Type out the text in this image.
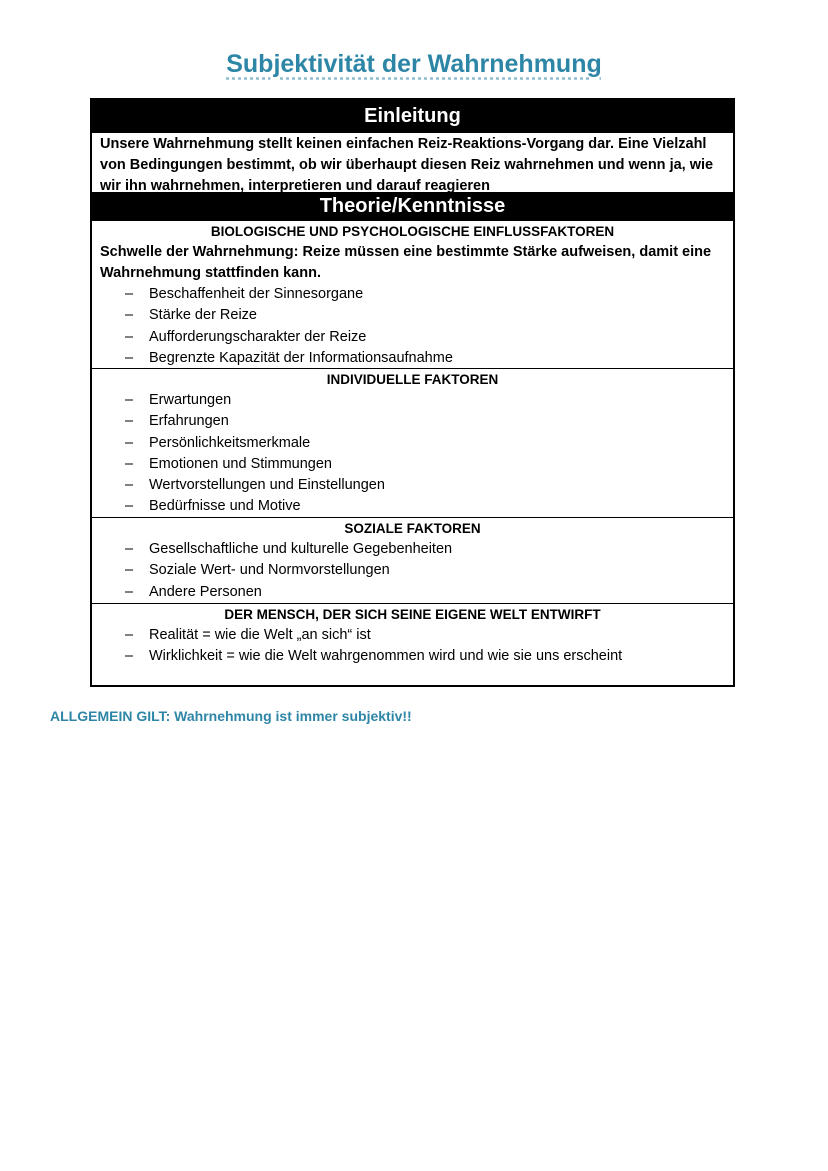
Subjektivität der Wahrnehmung
Einleitung
Unsere Wahrnehmung stellt keinen einfachen Reiz-Reaktions-Vorgang dar. Eine Vielzahl
von Bedingungen bestimmt, ob wir überhaupt diesen Reiz wahrnehmen und wenn ja, wie
wir ihn wahrnehmen, interpretieren und darauf reagieren
Theorie/Kenntnisse
BIOLOGISCHE UND PSYCHOLOGISCHE EINFLUSSFAKTOREN
Schwelle der Wahrnehmung: Reize müssen eine bestimmte Stärke aufweisen, damit eine
Wahrnehmung stattfinden kann.
– Beschaffenheit der Sinnesorgane
– Stärke der Reize
– Aufforderungscharakter der Reize
– Begrenzte Kapazität der Informationsaufnahme
INDIVIDUELLE FAKTOREN
– Erwartungen
– Erfahrungen
– Persönlichkeitsmerkmale
– Emotionen und Stimmungen
– Wertvorstellungen und Einstellungen
– Bedürfnisse und Motive
SOZIALE FAKTOREN
– Gesellschaftliche und kulturelle Gegebenheiten
– Soziale Wert- und Normvorstellungen
– Andere Personen
DER MENSCH, DER SICH SEINE EIGENE WELT ENTWIRFT
– Realität = wie die Welt „an sich“ ist
– Wirklichkeit = wie die Welt wahrgenommen wird und wie sie uns erscheint

ALLGEMEIN GILT: Wahrnehmung ist immer subjektiv!!
